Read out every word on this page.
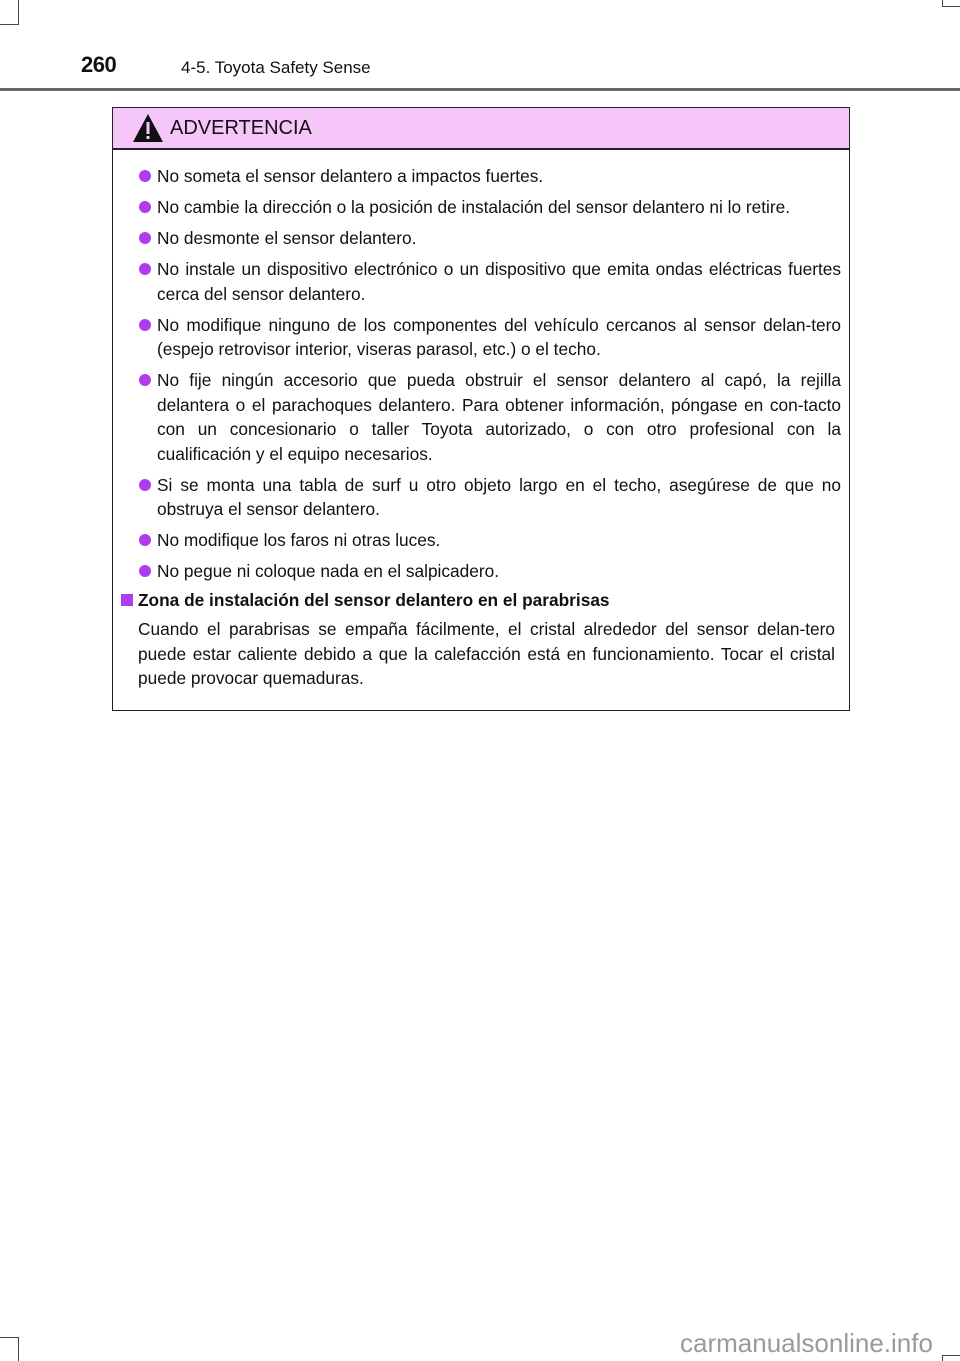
260	4-5. Toyota Safety Sense
ADVERTENCIA
No someta el sensor delantero a impactos fuertes.
No cambie la dirección o la posición de instalación del sensor delantero ni lo retire.
No desmonte el sensor delantero.
No instale un dispositivo electrónico o un dispositivo que emita ondas eléctricas fuertes cerca del sensor delantero.
No modifique ninguno de los componentes del vehículo cercanos al sensor delan-tero (espejo retrovisor interior, viseras parasol, etc.) o el techo.
No fije ningún accesorio que pueda obstruir el sensor delantero al capó, la rejilla delantera o el parachoques delantero. Para obtener información, póngase en con-tacto con un concesionario o taller Toyota autorizado, o con otro profesional con la cualificación y el equipo necesarios.
Si se monta una tabla de surf u otro objeto largo en el techo, asegúrese de que no obstruya el sensor delantero.
No modifique los faros ni otras luces.
No pegue ni coloque nada en el salpicadero.
Zona de instalación del sensor delantero en el parabrisas
Cuando el parabrisas se empaña fácilmente, el cristal alrededor del sensor delan-tero puede estar caliente debido a que la calefacción está en funcionamiento. Tocar el cristal puede provocar quemaduras.
carmanualsonline.info
